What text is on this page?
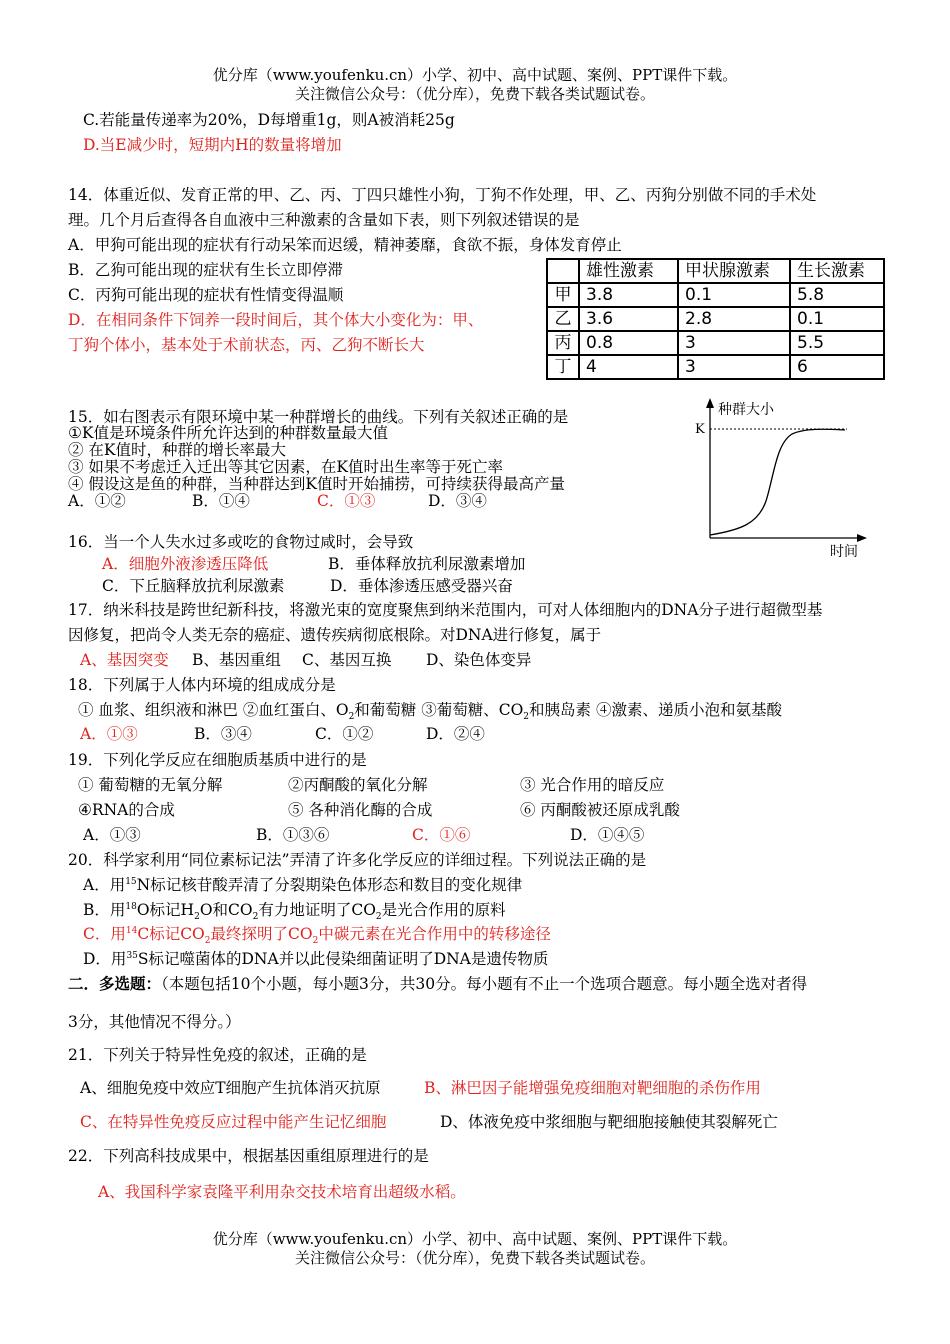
优分库（www.youfenku.cn）小学、初中、高中试题、案例、PPT课件下载。
关注微信公众号：（优分库），免费下载各类试题试卷。
C.若能量传递率为20%，D每增重1g，则A被消耗25g
D.当E减少时，短期内H的数量将增加
14．体重近似、发育正常的甲、乙、丙、丁四只雄性小狗，丁狗不作处理，甲、乙、丙狗分别做不同的手术处
理。几个月后查得各自血液中三种激素的含量如下表，则下列叙述错误的是
A．甲狗可能出现的症状有行动呆笨而迟缓，精神萎靡，食欲不振，身体发育停止
B．乙狗可能出现的症状有生长立即停滞
C．丙狗可能出现的症状有性情变得温顺
D．在相同条件下饲养一段时间后，其个体大小变化为：甲、
丁狗个体小，基本处于术前状态，丙、乙狗不断长大
	雄性激素	甲状腺激素	生长激素
甲	3.8	0.1	5.8
乙	3.6	2.8	0.1
丙	0.8	3	5.5
丁	4	3	6
15．如右图表示有限环境中某一种群增长的曲线。下列有关叙述正确的是
①K值是环境条件所允许达到的种群数量最大值
② 在K值时，种群的增长率最大
③ 如果不考虑迁入迁出等其它因素，在K值时出生率等于死亡率
④ 假设这是鱼的种群，当种群达到K值时开始捕捞，可持续获得最高产量
A．①②	B．①④	C．①③	D．③④
种群大小
K
时间
16．当一个人失水过多或吃的食物过咸时，会导致
A．细胞外液渗透压降低	B．垂体释放抗利尿激素增加
C．下丘脑释放抗利尿激素	D．垂体渗透压感受器兴奋
17．纳米科技是跨世纪新科技，将激光束的宽度聚焦到纳米范围内，可对人体细胞内的DNA分子进行超微型基
因修复，把尚令人类无奈的癌症、遗传疾病彻底根除。对DNA进行修复，属于
A、基因突变 B、基因重组 C、基因互换 D、染色体变异
18．下列属于人体内环境的组成成分是
① 血浆、组织液和淋巴 ②血红蛋白、$O_2$和葡萄糖 ③葡萄糖、$CO_2$和胰岛素 ④激素、递质小泡和氨基酸
A．①③	B．③④	C．①②	D．②④
19．下列化学反应在细胞质基质中进行的是
① 葡萄糖的无氧分解	②丙酮酸的氧化分解	③ 光合作用的暗反应
④RNA的合成	⑤ 各种消化酶的合成	⑥ 丙酮酸被还原成乳酸
A．①③	B．①③⑥	C．①⑥	D．①④⑤
20．科学家利用“同位素标记法”弄清了许多化学反应的详细过程。下列说法正确的是
A．用$^{15}$N标记核苷酸弄清了分裂期染色体形态和数目的变化规律
B．用$^{18}$O标记$H_2O$和$CO_2$有力地证明了$CO_2$是光合作用的原料
C．用$^{14}$C标记$CO_2$最终探明了$CO_2$中碳元素在光合作用中的转移途径
D．用$^{35}$S标记噬菌体的DNA并以此侵染细菌证明了DNA是遗传物质
二．多选题：（本题包括10个小题，每小题3分，共30分。每小题有不止一个选项合题意。每小题全选对者得
3分，其他情况不得分。）
21．下列关于特异性免疫的叙述，正确的是
A、细胞免疫中效应T细胞产生抗体消灭抗原	B、淋巴因子能增强免疫细胞对靶细胞的杀伤作用
C、在特异性免疫反应过程中能产生记忆细胞	D、体液免疫中浆细胞与靶细胞接触使其裂解死亡
22．下列高科技成果中，根据基因重组原理进行的是
A、我国科学家袁隆平利用杂交技术培育出超级水稻。
优分库（www.youfenku.cn）小学、初中、高中试题、案例、PPT课件下载。
关注微信公众号：（优分库），免费下载各类试题试卷。
